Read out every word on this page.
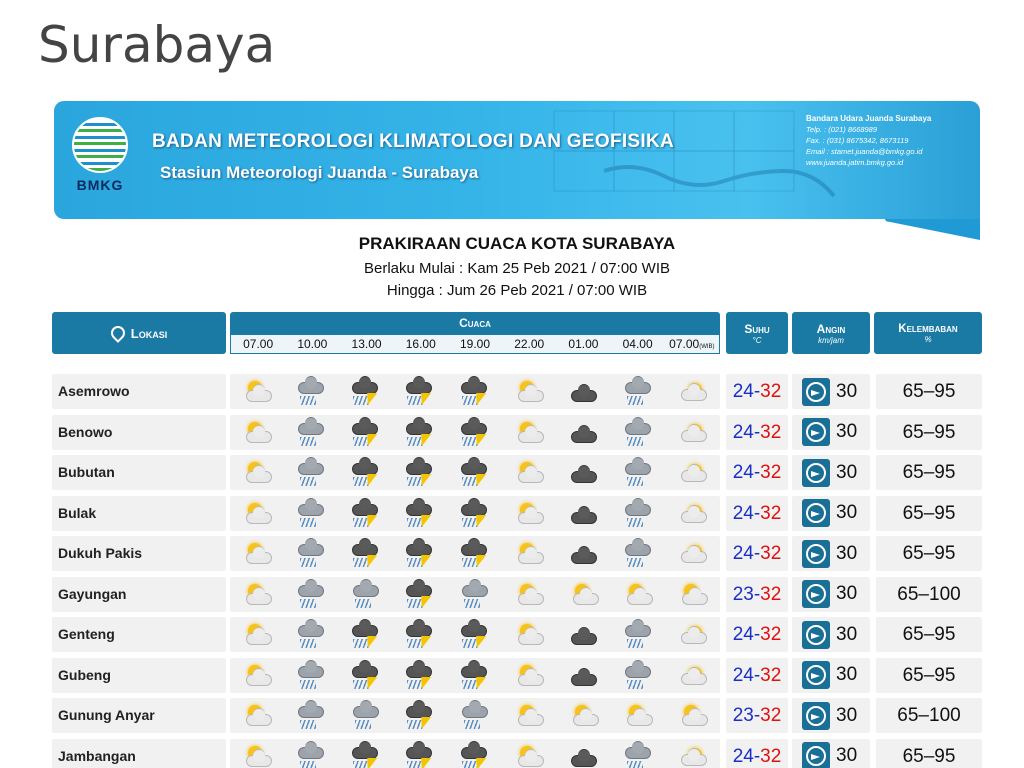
Surabaya
BMKG
BADAN METEOROLOGI KLIMATOLOGI DAN GEOFISIKA
Stasiun Meteorologi Juanda - Surabaya
Bandara Udara Juanda Surabaya
Telp. : (021) 8668989
Fax. : (031) 8675342, 8673119
Email : stamet.juanda@bmkg.go.id
www.juanda.jatim.bmkg.go.id
PRAKIRAAN CUACA KOTA SURABAYA
Berlaku Mulai : Kam 25 Peb 2021 / 07:00 WIB
Hingga : Jum 26 Peb 2021 / 07:00 WIB
Lokasi
Cuaca
07.00	10.00	13.00	16.00	19.00	22.00	01.00	04.00	07.00(WIB)
Suhu
°C
Angin
km/jam
Kelembaban
%
Asemrowo	24-32	30	65–95
Benowo	24-32	30	65–95
Bubutan	24-32	30	65–95
Bulak	24-32	30	65–95
Dukuh Pakis	24-32	30	65–95
Gayungan	23-32	30	65–100
Genteng	24-32	30	65–95
Gubeng	24-32	30	65–95
Gunung Anyar	23-32	30	65–100
Jambangan	24-32	30	65–95
